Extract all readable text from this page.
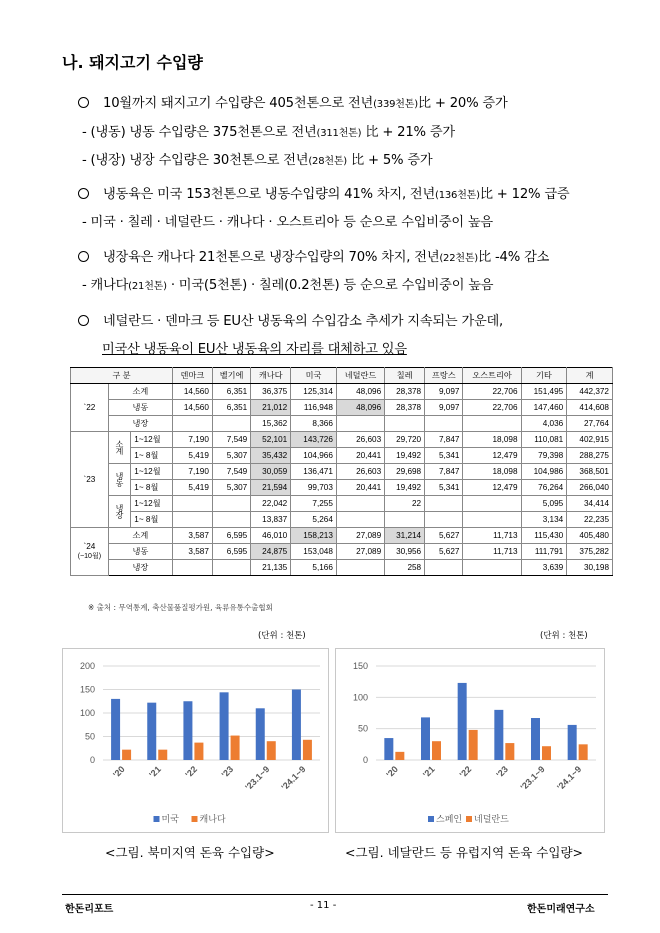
나. 돼지고기 수입량
10월까지 돼지고기 수입량은 405천톤으로 전년(339천톤)比 + 20% 증가
- (냉동) 냉동 수입량은 375천톤으로 전년(311천톤) 比 + 21% 증가
- (냉장) 냉장 수입량은 30천톤으로 전년(28천톤) 比 + 5% 증가
냉동육은 미국 153천톤으로 냉동수입량의 41% 차지, 전년(136천톤)比 + 12% 급증
- 미국 · 칠레 · 네덜란드 · 캐나다 · 오스트리아 등 순으로 수입비중이 높음
냉장육은 캐나다 21천톤으로 냉장수입량의 70% 차지, 전년(22천톤)比 -4% 감소
- 캐나다(21천톤) · 미국(5천톤) · 칠레(0.2천톤) 등 순으로 수입비중이 높음
네덜란드 · 덴마크 등 EU산 냉동육의 수입감소 추세가 지속되는 가운데,
미국산 냉동육이 EU산 냉동육의 자리를 대체하고 있음
구 분			덴마크	벨기에	캐나다	미국	네덜란드	칠레	프랑스	오스트리아	기타	계
`22	소계		14,560	6,351	36,375	125,314	48,096	28,378	9,097	22,706	151,495	442,372
	냉동		14,560	6,351	21,012	116,948	48,096	28,378	9,097	22,706	147,460	414,608
	냉장				15,362	8,366					4,036	27,764
`23	소계	1~12월	7,190	7,549	52,101	143,726	26,603	29,720	7,847	18,098	110,081	402,915
		1~ 8월	5,419	5,307	35,432	104,966	20,441	19,492	5,341	12,479	79,398	288,275
	냉동	1~12월	7,190	7,549	30,059	136,471	26,603	29,698	7,847	18,098	104,986	368,501
		1~ 8월	5,419	5,307	21,594	99,703	20,441	19,492	5,341	12,479	76,264	266,040
	냉장	1~12월			22,042	7,255		22			5,095	34,414
		1~ 8월			13,837	5,264					3,134	22,235

`24
(~10월)	소계		3,587	6,595	46,010	158,213	27,089	31,214	5,627	11,713	115,430	405,480
	냉동		3,587	6,595	24,875	153,048	27,089	30,956	5,627	11,713	111,791	375,282
	냉장				21,135	5,166		258			3,639	30,198
※ 출처 : 무역통계, 축산물품질평가원, 육류유통수출협회
(단위 : 천톤)	(단위 : 천톤)
0
50
100
150
200
'20 '21 '22 '23 '23.1~9 '24.1~9
미국 캐나다
0
50
100
150
'20 '21 '22 '23 '23.1~9 '24.1~9
스페인 네덜란드
<그림. 북미지역 돈육 수입량>	<그림. 네달란드 등 유럽지역 돈육 수입량>
한돈리포트	- 11 -	한돈미래연구소
